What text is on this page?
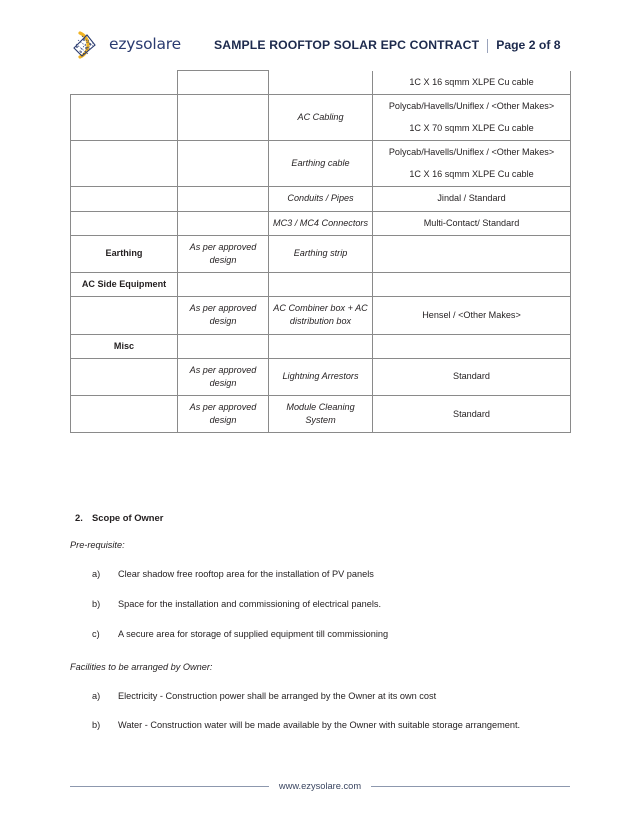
ezysolare	SAMPLE ROOFTOP SOLAR EPC CONTRACT Page 2 of 8
			1C X 16 sqmm XLPE Cu cable
		AC Cabling	Polycab/Havells/Uniflex / <Other Makes>

1C X 70 sqmm XLPE Cu cable

		Earthing cable	Polycab/Havells/Uniflex / <Other Makes>

1C X 16 sqmm XLPE Cu cable

		Conduits / Pipes	Jindal / Standard
		MC3 / MC4 Connectors	Multi-Contact/ Standard
Earthing	As per approved design	Earthing strip	
AC Side Equipment			
	As per approved design	AC Combiner box + AC distribution box	Hensel / <Other Makes>
Misc			
	As per approved design	Lightning Arrestors	Standard
	As per approved design	Module Cleaning System	Standard
2. Scope of Owner
Pre-requisite:
a)	Clear shadow free rooftop area for the installation of PV panels
b)	Space for the installation and commissioning of electrical panels.
c)	A secure area for storage of supplied equipment till commissioning
Facilities to be arranged by Owner:
a)	Electricity - Construction power shall be arranged by the Owner at its own cost
b)	Water - Construction water will be made available by the Owner with suitable storage arrangement.
www.ezysolare.com
